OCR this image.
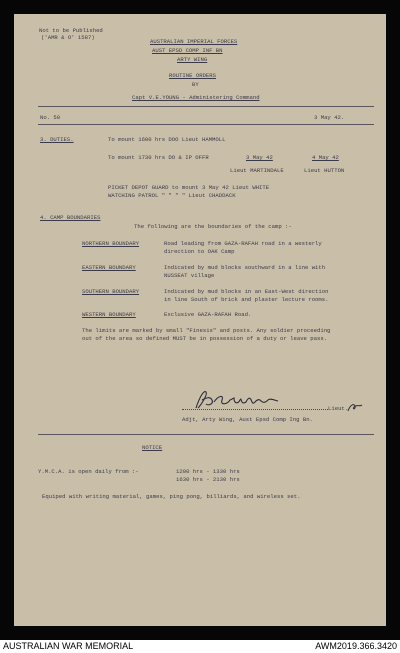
Not to be Published
('AMR & O' 1587)
AUSTRALIAN IMPERIAL FORCES
AUST EPSD COMP INF BN
ARTY WING
ROUTINE ORDERS
BY
Capt V.E.YOUNG - Administering Command
No. 50	3 May 42.
3. DUTIES.	To mount 1600 hrs DOO Lieut HAMMOLL
To mount 1730 hrs DO & IP OFFR	3 May 42	4 May 42
Lieut MARTINDALE	Lieut HUTTON
PICKET DEPOT GUARD to mount 3 May 42 Lieut WHITE
WATCHING PATROL " " " " Lieut CHADDACK
4. CAMP BOUNDARIES
The following are the boundaries of the camp :-
NORTHERN BOUNDARY	Road leading from GAZA-RAFAH road in a westerly
direction to OAK Camp
EASTERN BOUNDARY	Indicated by mud blocks southward in a line with
NUSSEAT village
SOUTHERN BOUNDARY	Indicated by mud blocks in an East-West direction
in line South of brick and plaster lecture rooms.
WESTERN BOUNDARY	Exclusive GAZA-RAFAH Road.
The limits are marked by small "Finesis" and posts. Any soldier proceeding
out of the area so defined MUST be in possession of a duty or leave pass.
Lieut.
Adjt, Arty Wing, Aust Epsd Comp Ing Bn.
NOTICE
Y.M.C.A. is open daily from :-	1200 hrs - 1330 hrs
1630 hrs - 2130 hrs
Equiped with writing material, games, ping pong, billiards, and wireless set.
AUSTRALIAN WAR MEMORIAL	AWM2019.366.3420
